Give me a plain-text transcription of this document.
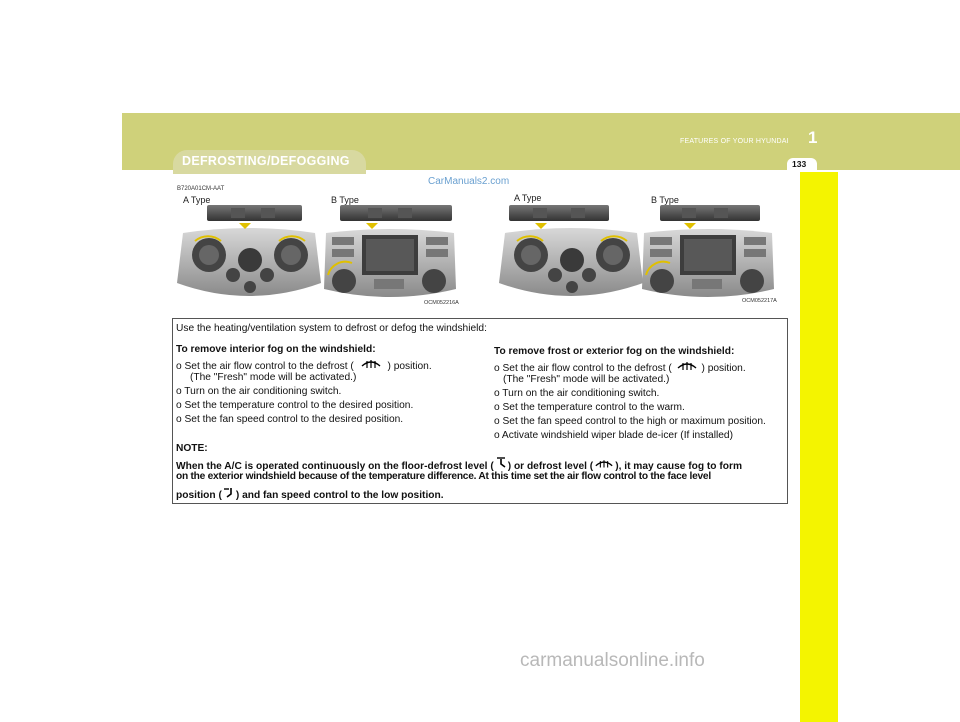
1
FEATURES OF YOUR HYUNDAI
133
DEFROSTING/DEFOGGING
CarManuals2.com
B720A01CM-AAT
A Type	B Type	A Type	B Type
OCM052216A	OCM052217A
Use the heating/ventilation system to defrost or defog the windshield:
To remove interior fog on the windshield:
o Set the air flow control to the defrost (	) position.
(The "Fresh" mode will be activated.)
o Turn on the air conditioning switch.
o Set the temperature control to the desired position.
o Set the fan speed control to the desired position.
To remove frost or exterior fog on the windshield:
o Set the air flow control to the defrost (	) position.
(The "Fresh" mode will be activated.)
o Turn on the air conditioning switch.
o Set the temperature control to the warm.
o Set the fan speed control to the high or maximum position.
o Activate windshield wiper blade de-icer (If installed)
NOTE:
When the A/C is operated continuously on the floor-defrost level ( ) or defrost level ( ), it may cause fog to form
on the exterior windshield because of the temperature difference. At this time set the air flow control to the face level
position ( ) and fan speed control to the low position.
carmanualsonline.info
